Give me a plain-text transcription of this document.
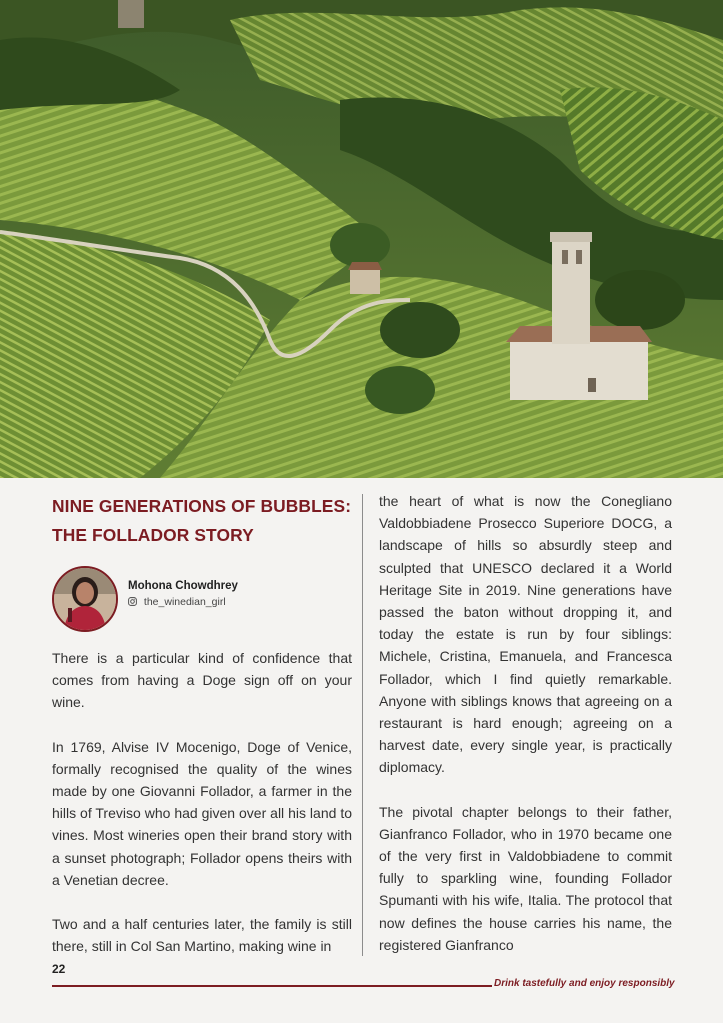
NINE GENERATIONS OF BUBBLES: THE FOLLADOR STORY
Mohona Chowdhrey
the_winedian_girl

There is a particular kind of confidence that comes from having a Doge sign off on your wine.

In 1769, Alvise IV Mocenigo, Doge of Venice, formally recognised the quality of the wines made by one Giovanni Follador, a farmer in the hills of Treviso who had given over all his land to vines. Most wineries open their brand story with a sunset photograph; Follador opens theirs with a Venetian decree.

Two and a half centuries later, the family is still there, still in Col San Martino, making wine in

the heart of what is now the Conegliano Valdobbiadene Prosecco Superiore DOCG, a landscape of hills so absurdly steep and sculpted that UNESCO declared it a World Heritage Site in 2019. Nine generations have passed the baton without dropping it, and today the estate is run by four siblings: Michele, Cristina, Emanuela, and Francesca Follador, which I find quietly remarkable. Anyone with siblings knows that agreeing on a restaurant is hard enough; agreeing on a harvest date, every single year, is practically diplomacy.

The pivotal chapter belongs to their father, Gianfranco Follador, who in 1970 became one of the very first in Valdobbiadene to commit fully to sparkling wine, founding Follador Spumanti with his wife, Italia. The protocol that now defines the house carries his name, the registered Gianfranco

22
Drink tastefully and enjoy responsibly
